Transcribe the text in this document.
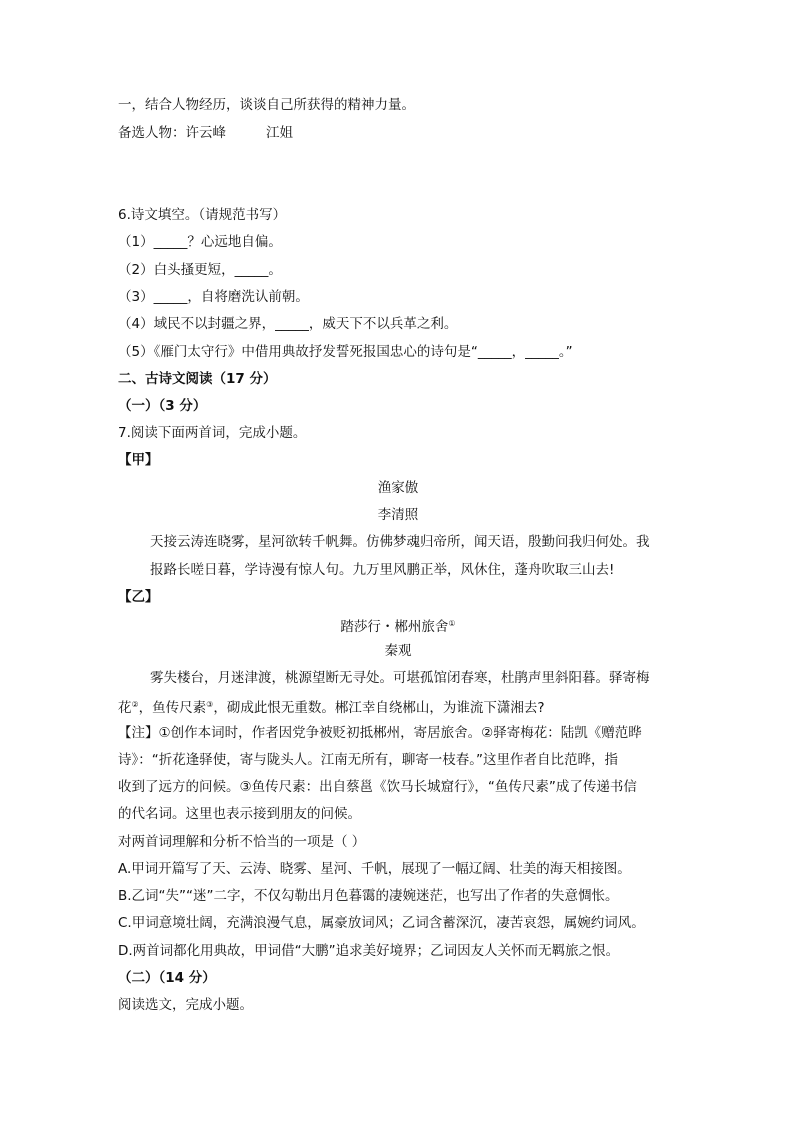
一，结合人物经历，谈谈自己所获得的精神力量。
备选人物：许云峰	江姐
6.诗文填空。（请规范书写）
（1）_____？心远地自偏。
（2）白头搔更短，_____。
（3）_____，自将磨洗认前朝。
（4）域民不以封疆之界，_____，威天下不以兵革之利。
（5）《雁门太守行》中借用典故抒发誓死报国忠心的诗句是“_____，_____。”
二、古诗文阅读（17 分）
（一）（3 分）
7.阅读下面两首词，完成小题。
【甲】
渔家傲
李清照
天接云涛连晓雾，星河欲转千帆舞。仿佛梦魂归帝所，闻天语，殷勤问我归何处。我
报路长嗟日暮，学诗漫有惊人句。九万里风鹏正举，风休住，蓬舟吹取三山去!
【乙】
踏莎行・郴州旅舍①
秦观
雾失楼台，月迷津渡，桃源望断无寻处。可堪孤馆闭春寒，杜鹃声里斜阳暮。驿寄梅
花②，鱼传尺素③，砌成此恨无重数。郴江幸自绕郴山，为谁流下潇湘去?
【注】①创作本词时，作者因党争被贬初抵郴州，寄居旅舍。②驿寄梅花：陆凯《赠范晔
诗》：“折花逢驿使，寄与陇头人。江南无所有，聊寄一枝春。”这里作者自比范晔，指
收到了远方的问候。③鱼传尺素：出自蔡邕《饮马长城窟行》，“鱼传尺素”成了传递书信
的代名词。这里也表示接到朋友的问候。
对两首词理解和分析不恰当的一项是（ ）
A.甲词开篇写了天、云涛、晓雾、星河、千帆，展现了一幅辽阔、壮美的海天相接图。
B.乙词“失”“迷”二字，不仅勾勒出月色暮霭的凄婉迷茫，也写出了作者的失意惆怅。
C.甲词意境壮阔，充满浪漫气息，属豪放词风；乙词含蓄深沉，凄苦哀怨，属婉约词风。
D.两首词都化用典故，甲词借“大鹏”追求美好境界；乙词因友人关怀而无羁旅之恨。
（二）（14 分）
阅读选文，完成小题。
